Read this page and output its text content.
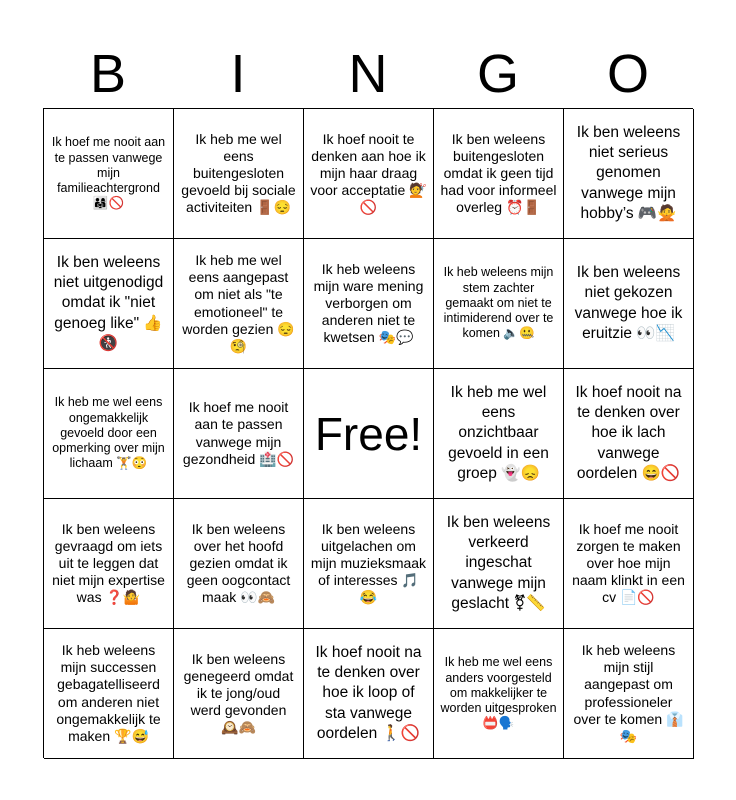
B	I	N	G	O
Ik hoef me nooit aan te passen vanwege mijn familieachtergrond 👨‍👩‍👧🚫
Ik heb me wel eens buitengesloten gevoeld bij sociale activiteiten 🚪😔
Ik hoef nooit te denken aan hoe ik mijn haar draag voor acceptatie 💇 🚫
Ik ben weleens buitengesloten omdat ik geen tijd had voor informeel overleg ⏰🚪
Ik ben weleens niet serieus genomen vanwege mijn hobby’s 🎮🙅
Ik ben weleens niet uitgenodigd omdat ik "niet genoeg like" 👍🚷
Ik heb me wel eens aangepast om niet als "te emotioneel" te worden gezien 😔🧐
Ik heb weleens mijn ware mening verborgen om anderen niet te kwetsen 🎭💬
Ik heb weleens mijn stem zachter gemaakt om niet te intimiderend over te komen 🔈🤐
Ik ben weleens niet gekozen vanwege hoe ik eruitzie 👀📉
Ik heb me wel eens ongemakkelijk gevoeld door een opmerking over mijn lichaam 🏋️😳
Ik hoef me nooit aan te passen vanwege mijn gezondheid 🏥🚫 Free!
Ik heb me wel eens onzichtbaar gevoeld in een groep 👻😞
Ik hoef nooit na te denken over hoe ik lach vanwege oordelen 😄🚫
Ik ben weleens gevraagd om iets uit te leggen dat niet mijn expertise was ❓🤷
Ik ben weleens over het hoofd gezien omdat ik geen oogcontact maak 👀🙈
Ik ben weleens uitgelachen om mijn muzieksmaak of interesses 🎵😂
Ik ben weleens verkeerd ingeschat vanwege mijn geslacht ⚧📏
Ik hoef me nooit zorgen te maken over hoe mijn naam klinkt in een cv 📄🚫
Ik heb weleens mijn successen gebagatelliseerd om anderen niet ongemakkelijk te maken 🏆😅
Ik ben weleens genegeerd omdat ik te jong/oud werd gevonden 🕰️🙈
Ik hoef nooit na te denken over hoe ik loop of sta vanwege oordelen 🚶🚫
Ik heb me wel eens anders voorgesteld om makkelijker te worden uitgesproken 📛🗣️
Ik heb weleens mijn stijl aangepast om professioneler over te komen 👔🎭
